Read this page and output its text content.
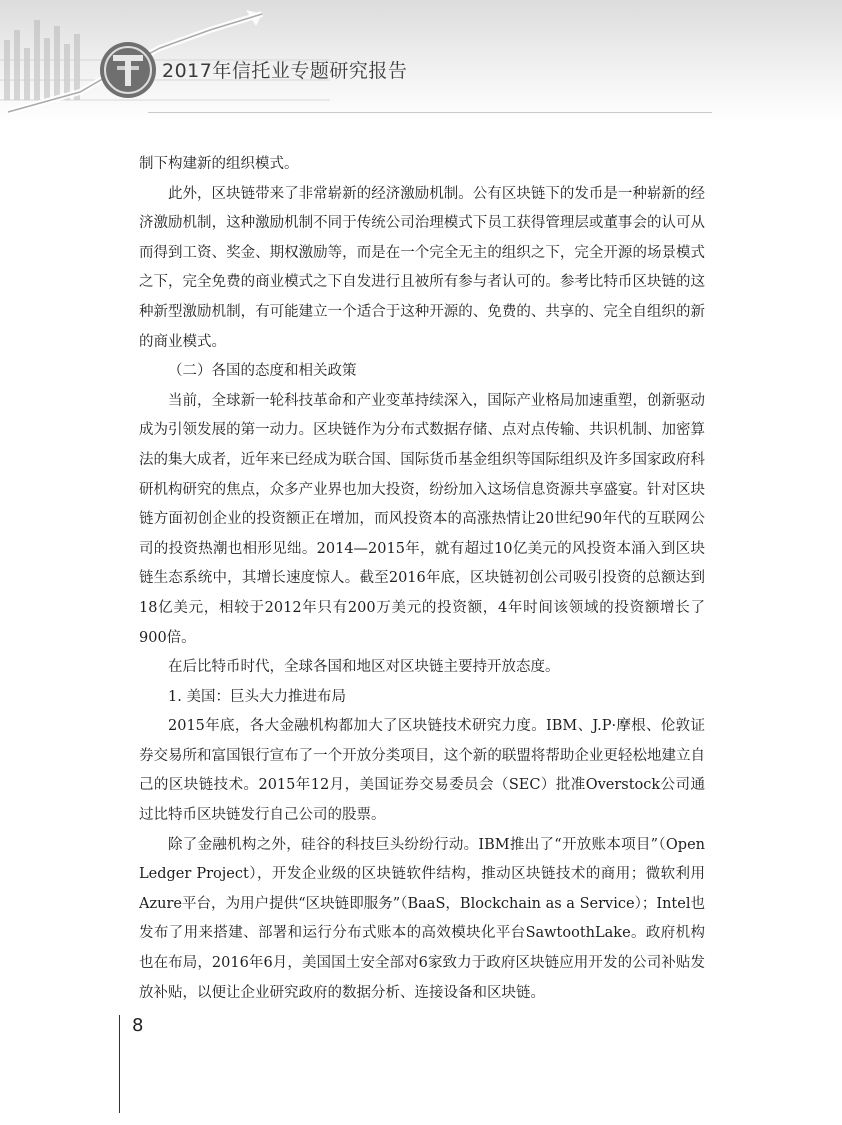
2017年信托业专题研究报告

制下构建新的组织模式。

此外，区块链带来了非常崭新的经济激励机制。公有区块链下的发币是一种崭新的经济激励机制，这种激励机制不同于传统公司治理模式下员工获得管理层或董事会的认可从而得到工资、奖金、期权激励等，而是在一个完全无主的组织之下，完全开源的场景模式之下，完全免费的商业模式之下自发进行且被所有参与者认可的。参考比特币区块链的这种新型激励机制，有可能建立一个适合于这种开源的、免费的、共享的、完全自组织的新的商业模式。

（二）各国的态度和相关政策

当前，全球新一轮科技革命和产业变革持续深入，国际产业格局加速重塑，创新驱动成为引领发展的第一动力。区块链作为分布式数据存储、点对点传输、共识机制、加密算法的集大成者，近年来已经成为联合国、国际货币基金组织等国际组织及许多国家政府科研机构研究的焦点，众多产业界也加大投资，纷纷加入这场信息资源共享盛宴。针对区块链方面初创企业的投资额正在增加，而风投资本的高涨热情让20世纪90年代的互联网公司的投资热潮也相形见绌。2014—2015年，就有超过10亿美元的风投资本涌入到区块链生态系统中，其增长速度惊人。截至2016年底，区块链初创公司吸引投资的总额达到18亿美元，相较于2012年只有200万美元的投资额，4年时间该领域的投资额增长了900倍。

在后比特币时代，全球各国和地区对区块链主要持开放态度。

1. 美国：巨头大力推进布局

2015年底，各大金融机构都加大了区块链技术研究力度。IBM、J.P·摩根、伦敦证券交易所和富国银行宣布了一个开放分类项目，这个新的联盟将帮助企业更轻松地建立自己的区块链技术。2015年12月，美国证券交易委员会（SEC）批准Overstock公司通过比特币区块链发行自己公司的股票。

除了金融机构之外，硅谷的科技巨头纷纷行动。IBM推出了“开放账本项目”（Open Ledger Project），开发企业级的区块链软件结构，推动区块链技术的商用；微软利用Azure平台，为用户提供“区块链即服务”（BaaS，Blockchain as a Service）；Intel也发布了用来搭建、部署和运行分布式账本的高效模块化平台SawtoothLake。政府机构也在布局，2016年6月，美国国土安全部对6家致力于政府区块链应用开发的公司补贴发放补贴，以便让企业研究政府的数据分析、连接设备和区块链。

8
